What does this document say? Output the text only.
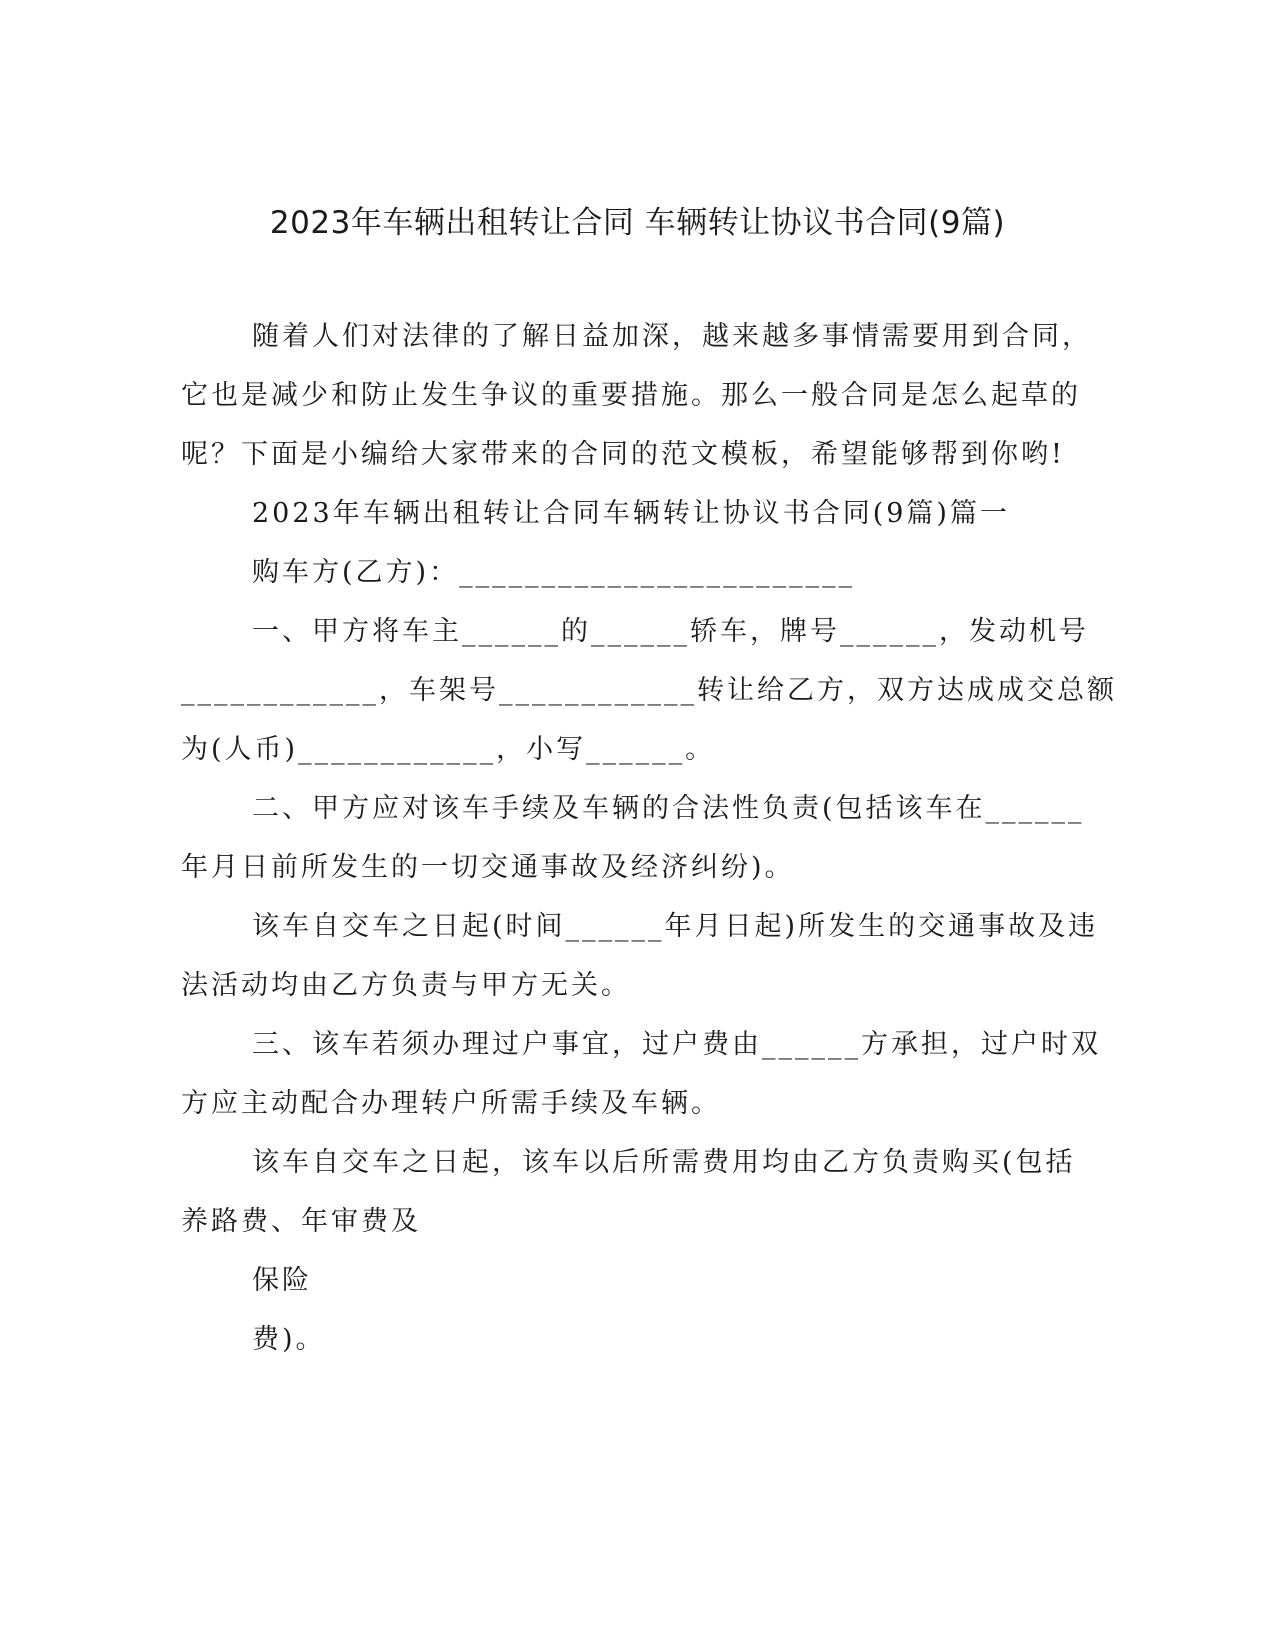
2023年车辆出租转让合同 车辆转让协议书合同(9篇)
随着人们对法律的了解日益加深，越来越多事情需要用到合同，
它也是减少和防止发生争议的重要措施。那么一般合同是怎么起草的
呢？下面是小编给大家带来的合同的范文模板，希望能够帮到你哟!
2023年车辆出租转让合同车辆转让协议书合同(9篇)篇一
购车方(乙方)：________________________
一、甲方将车主______的______轿车，牌号______，发动机号
____________，车架号____________转让给乙方，双方达成成交总额
为(人币)____________，小写______。
二、甲方应对该车手续及车辆的合法性负责(包括该车在______
年月日前所发生的一切交通事故及经济纠纷)。
该车自交车之日起(时间______年月日起)所发生的交通事故及违
法活动均由乙方负责与甲方无关。
三、该车若须办理过户事宜，过户费由______方承担，过户时双
方应主动配合办理转户所需手续及车辆。
该车自交车之日起，该车以后所需费用均由乙方负责购买(包括
养路费、年审费及
保险
费)。
